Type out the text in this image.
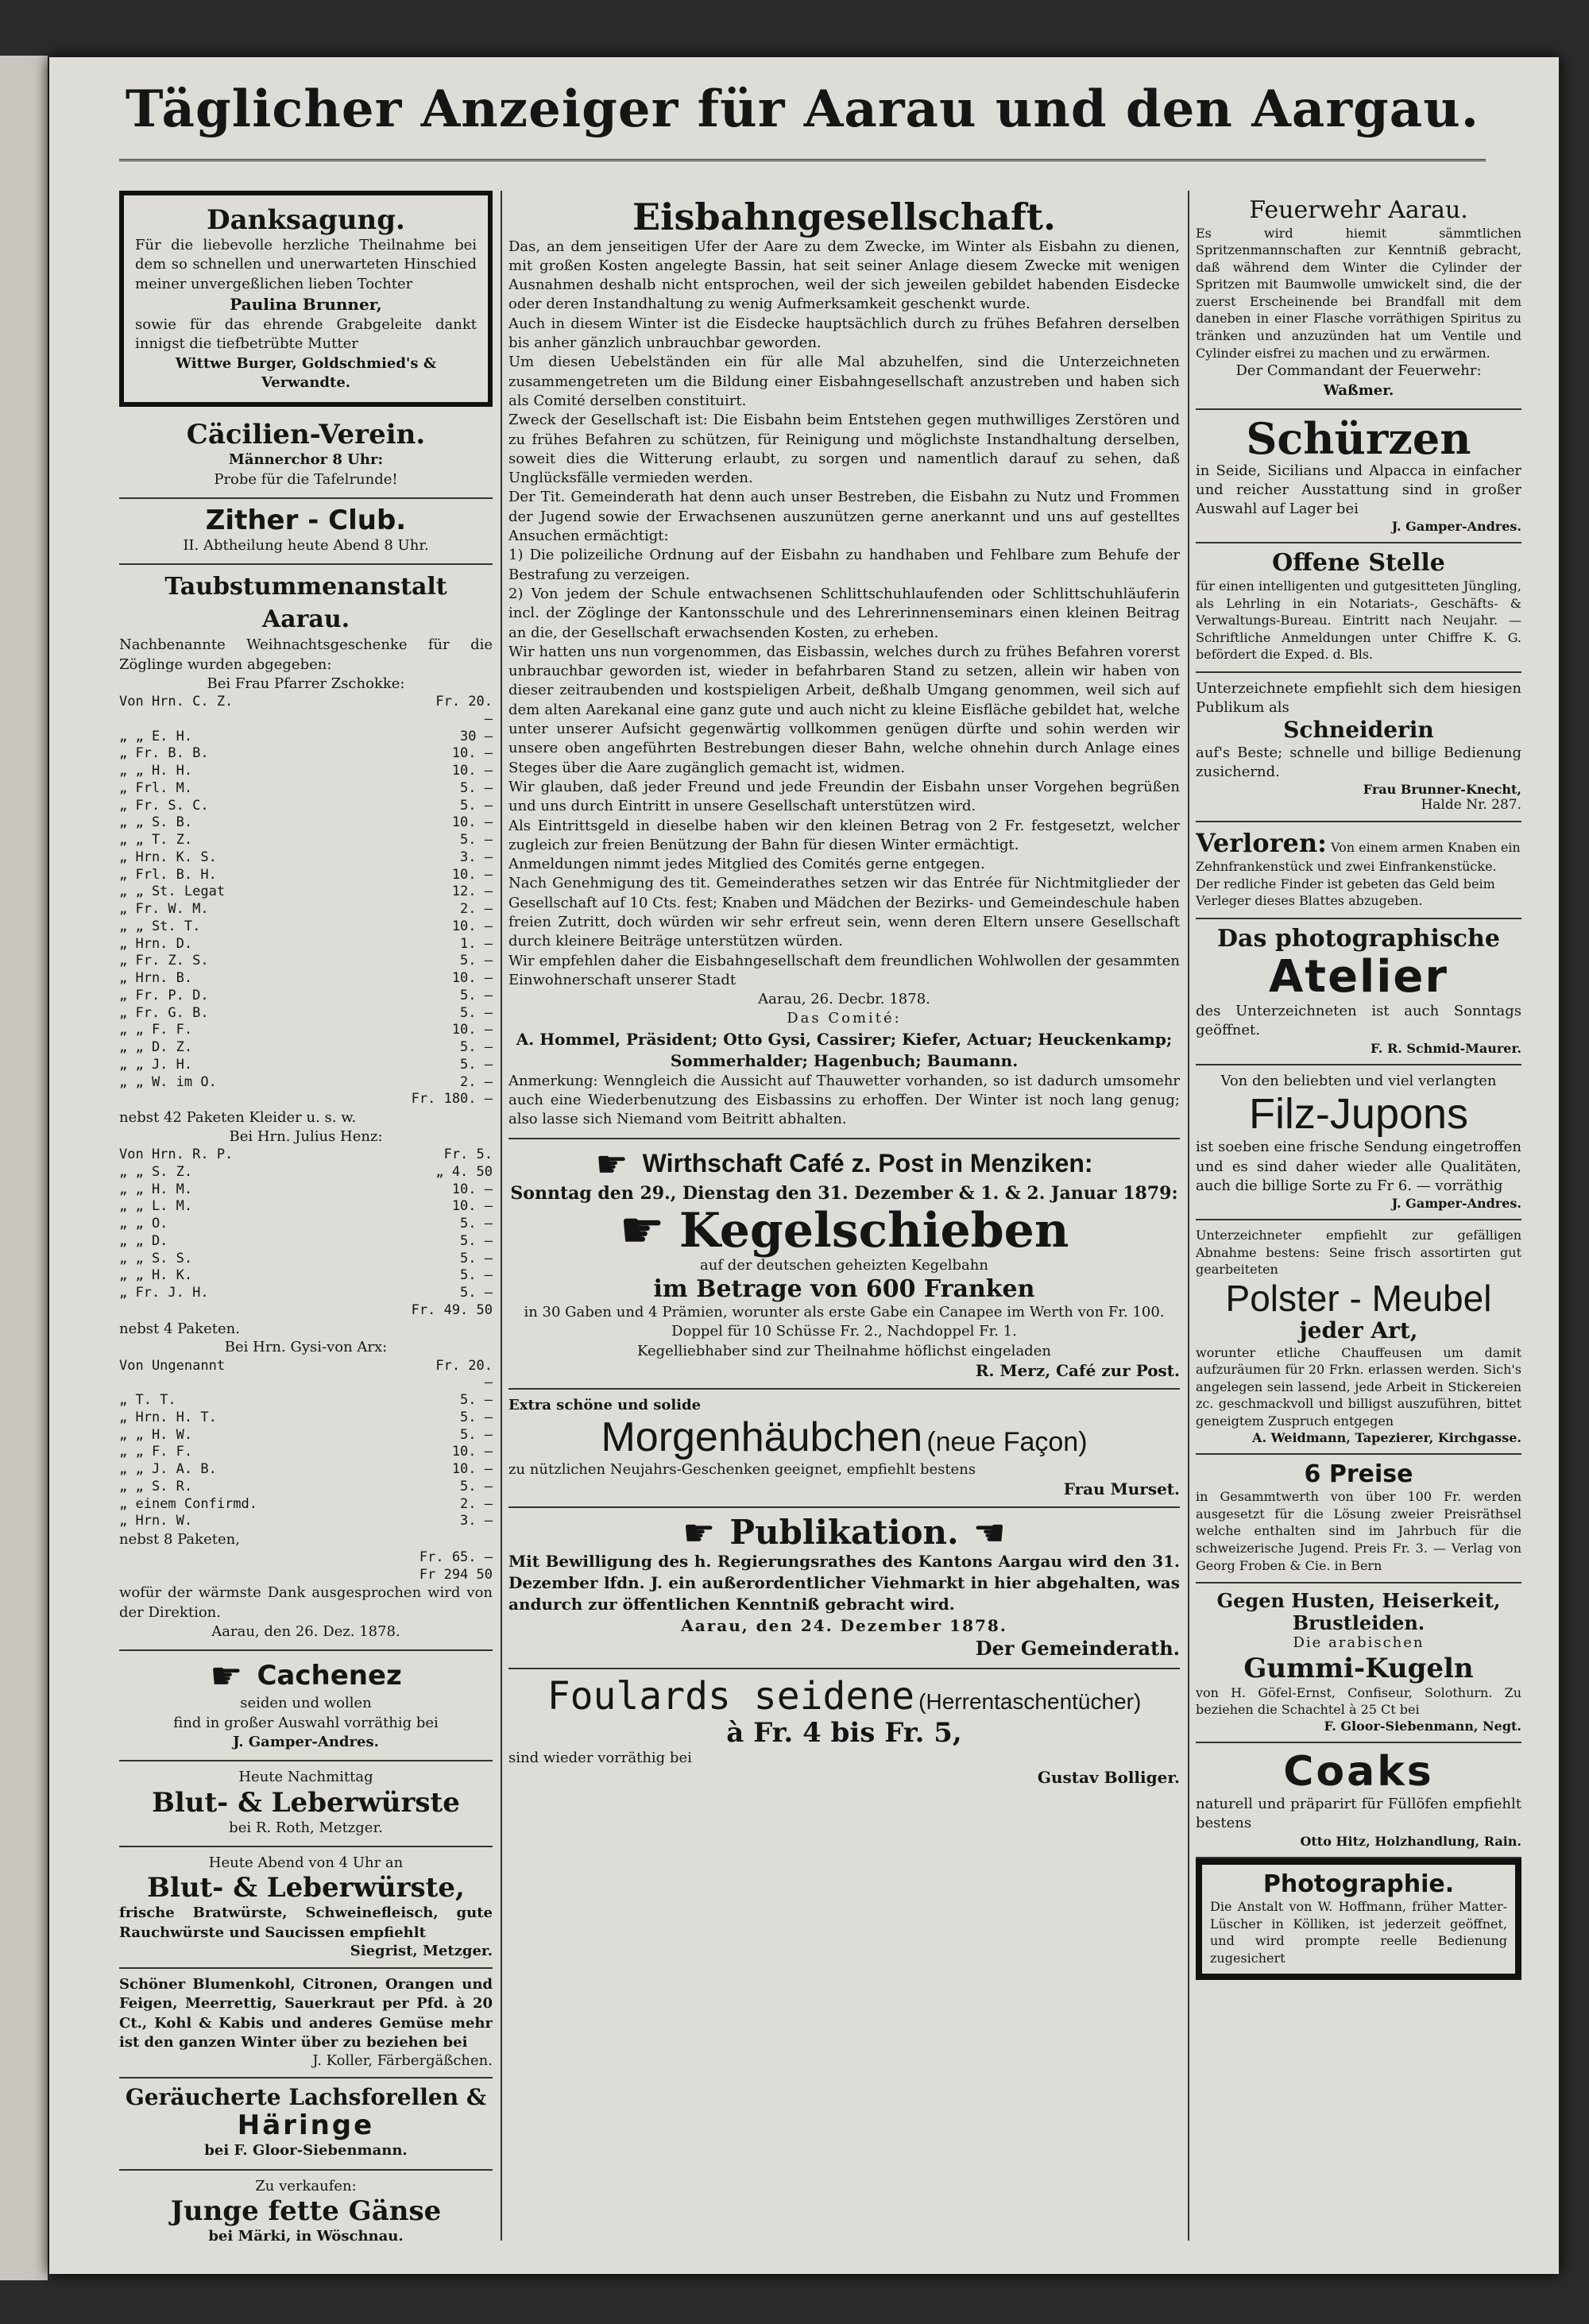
Täglicher Anzeiger für Aarau und den Aargau.
Danksagung.
Für die liebevolle herzliche Theilnahme bei dem so schnellen und unerwarteten Hinschied meiner unvergeßlichen lieben Tochter
Paulina Brunner,
sowie für das ehrende Grabgeleite dankt innigst die tiefbetrübte Mutter
Wittwe Burger, Goldschmied's & Verwandte.
Cäcilien-Verein.
Männerchor 8 Uhr:
Probe für die Tafelrunde!
Zither - Club.
II. Abtheilung heute Abend 8 Uhr.
Taubstummenanstalt Aarau.
Nachbenannte Weihnachtsgeschenke für die Zöglinge wurden abgegeben:
Bei Frau Pfarrer Zschokke:
Von Hrn. C. Z.	Fr. 20. —
„ „ E. H.	30 —
„ Fr. B. B.	10. —
„ „ H. H.	10. —
„ Frl. M.	5. —
„ Fr. S. C.	5. —
„ „ S. B.	10. —
„ „ T. Z.	5. —
„ Hrn. K. S.	3. —
„ Frl. B. H.	10. —
„ „ St. Legat	12. —
„ Fr. W. M.	2. —
„ „ St. T.	10. —
„ Hrn. D.	1. —
„ Fr. Z. S.	5. —
„ Hrn. B.	10. —
„ Fr. P. D.	5. —
„ Fr. G. B.	5. —
„ „ F. F.	10. —
„ „ D. Z.	5. —
„ „ J. H.	5. —
„ „ W. im O.	2. —
Fr. 180. —
nebst 42 Paketen Kleider u. s. w.
Bei Hrn. Julius Henz:
Von Hrn. R. P.	Fr. 5.
„ „ S. Z.	„ 4. 50
„ „ H. M.	10. —
„ „ L. M.	10. —
„ „ O.	5. —
„ „ D.	5. —
„ „ S. S.	5. —
„ „ H. K.	5. —
„ Fr. J. H.	5. —
Fr. 49. 50
nebst 4 Paketen.
Bei Hrn. Gysi-von Arx:
Von Ungenannt	Fr. 20. —
„ T. T.	5. —
„ Hrn. H. T.	5. —
„ „ H. W.	5. —
„ „ F. F.	10. —
„ „ J. A. B.	10. —
„ „ S. R.	5. —
„ einem Confirmd.	2. —
„ Hrn. W.	3. —
nebst 8 Paketen,
Fr. 65. —
Fr 294 50
wofür der wärmste Dank ausgesprochen wird von der Direktion.
Aarau, den 26. Dez. 1878.
☛ Cachenez
seiden und wollen
find in großer Auswahl vorräthig bei
J. Gamper-Andres.
Heute Nachmittag
Blut- & Leberwürste
bei R. Roth, Metzger.
Heute Abend von 4 Uhr an
Blut- & Leberwürste,
frische Bratwürste, Schweinefleisch, gute Rauchwürste und Saucissen empfiehlt
Siegrist, Metzger.
Schöner Blumenkohl, Citronen, Orangen und Feigen, Meerrettig, Sauerkraut per Pfd. à 20 Ct., Kohl & Kabis und anderes Gemüse mehr ist den ganzen Winter über zu beziehen bei
J. Koller, Färbergäßchen.
Geräucherte Lachsforellen &
Häringe
bei F. Gloor-Siebenmann.
Zu verkaufen:
Junge fette Gänse
bei Märki, in Wöschnau.
Eisbahngesellschaft.
Das, an dem jenseitigen Ufer der Aare zu dem Zwecke, im Winter als Eisbahn zu dienen, mit großen Kosten angelegte Bassin, hat seit seiner Anlage diesem Zwecke mit wenigen Ausnahmen deshalb nicht entsprochen, weil der sich jeweilen gebildet habenden Eisdecke oder deren Instandhaltung zu wenig Aufmerksamkeit geschenkt wurde.
Auch in diesem Winter ist die Eisdecke hauptsächlich durch zu frühes Befahren derselben bis anher gänzlich unbrauchbar geworden.
Um diesen Uebelständen ein für alle Mal abzuhelfen, sind die Unterzeichneten zusammengetreten um die Bildung einer Eisbahngesellschaft anzustreben und haben sich als Comité derselben constituirt.
Zweck der Gesellschaft ist: Die Eisbahn beim Entstehen gegen muthwilliges Zerstören und zu frühes Befahren zu schützen, für Reinigung und möglichste Instandhaltung derselben, soweit dies die Witterung erlaubt, zu sorgen und namentlich darauf zu sehen, daß Unglücksfälle vermieden werden.
Der Tit. Gemeinderath hat denn auch unser Bestreben, die Eisbahn zu Nutz und Frommen der Jugend sowie der Erwachsenen auszunützen gerne anerkannt und uns auf gestelltes Ansuchen ermächtigt:
1) Die polizeiliche Ordnung auf der Eisbahn zu handhaben und Fehlbare zum Behufe der Bestrafung zu verzeigen.
2) Von jedem der Schule entwachsenen Schlittschuhlaufenden oder Schlittschuhläuferin incl. der Zöglinge der Kantonsschule und des Lehrerinnenseminars einen kleinen Beitrag an die, der Gesellschaft erwachsenden Kosten, zu erheben.
Wir hatten uns nun vorgenommen, das Eisbassin, welches durch zu frühes Befahren vorerst unbrauchbar geworden ist, wieder in befahrbaren Stand zu setzen, allein wir haben von dieser zeitraubenden und kostspieligen Arbeit, deßhalb Umgang genommen, weil sich auf dem alten Aarekanal eine ganz gute und auch nicht zu kleine Eisfläche gebildet hat, welche unter unserer Aufsicht gegenwärtig vollkommen genügen dürfte und sohin werden wir unsere oben angeführten Bestrebungen dieser Bahn, welche ohnehin durch Anlage eines Steges über die Aare zugänglich gemacht ist, widmen.
Wir glauben, daß jeder Freund und jede Freundin der Eisbahn unser Vorgehen begrüßen und uns durch Eintritt in unsere Gesellschaft unterstützen wird.
Als Eintrittsgeld in dieselbe haben wir den kleinen Betrag von 2 Fr. festgesetzt, welcher zugleich zur freien Benützung der Bahn für diesen Winter ermächtigt.
Anmeldungen nimmt jedes Mitglied des Comités gerne entgegen.
Nach Genehmigung des tit. Gemeinderathes setzen wir das Entrée für Nichtmitglieder der Gesellschaft auf 10 Cts. fest; Knaben und Mädchen der Bezirks- und Gemeindeschule haben freien Zutritt, doch würden wir sehr erfreut sein, wenn deren Eltern unsere Gesellschaft durch kleinere Beiträge unterstützen würden.
Wir empfehlen daher die Eisbahngesellschaft dem freundlichen Wohlwollen der gesammten Einwohnerschaft unserer Stadt
Aarau, 26. Decbr. 1878.
Das Comité:
A. Hommel, Präsident; Otto Gysi, Cassirer; Kiefer, Actuar; Heuckenkamp; Sommerhalder; Hagenbuch; Baumann.
Anmerkung: Wenngleich die Aussicht auf Thauwetter vorhanden, so ist dadurch umsomehr auch eine Wiederbenutzung des Eisbassins zu erhoffen. Der Winter ist noch lang genug; also lasse sich Niemand vom Beitritt abhalten.
☛ Wirthschaft Café z. Post in Menziken:
Sonntag den 29., Dienstag den 31. Dezember & 1. & 2. Januar 1879:
☛ Kegelschieben
auf der deutschen geheizten Kegelbahn
im Betrage von 600 Franken
in 30 Gaben und 4 Prämien, worunter als erste Gabe ein Canapee im Werth von Fr. 100.
Doppel für 10 Schüsse Fr. 2., Nachdoppel Fr. 1.
Kegelliebhaber sind zur Theilnahme höflichst eingeladen
R. Merz, Café zur Post.
Extra schöne und solide
Morgenhäubchen (neue Façon)
zu nützlichen Neujahrs-Geschenken geeignet, empfiehlt bestens
Frau Murset.
☛ Publikation. ☚
Mit Bewilligung des h. Regierungsrathes des Kantons Aargau wird den 31. Dezember lfdn. J. ein außerordentlicher Viehmarkt in hier abgehalten, was andurch zur öffentlichen Kenntniß gebracht wird.
Aarau, den 24. Dezember 1878.
Der Gemeinderath.
Foulards seidene (Herrentaschentücher)
à Fr. 4 bis Fr. 5,
sind wieder vorräthig bei
Gustav Bolliger.
Feuerwehr Aarau.
Es wird hiemit sämmtlichen Spritzenmannschaften zur Kenntniß gebracht, daß während dem Winter die Cylinder der Spritzen mit Baumwolle umwickelt sind, die der zuerst Erscheinende bei Brandfall mit dem daneben in einer Flasche vorräthigen Spiritus zu tränken und anzuzünden hat um Ventile und Cylinder eisfrei zu machen und zu erwärmen.
Der Commandant der Feuerwehr:
Waßmer.
Schürzen
in Seide, Sicilians und Alpacca in einfacher und reicher Ausstattung sind in großer Auswahl auf Lager bei
J. Gamper-Andres.
Offene Stelle
für einen intelligenten und gutgesitteten Jüngling, als Lehrling in ein Notariats-, Geschäfts- & Verwaltungs-Bureau. Eintritt nach Neujahr. — Schriftliche Anmeldungen unter Chiffre K. G. befördert die Exped. d. Bls.
Unterzeichnete empfiehlt sich dem hiesigen Publikum als
Schneiderin
auf's Beste; schnelle und billige Bedienung zusichernd.
Frau Brunner-Knecht,
Halde Nr. 287.
Verloren: Von einem armen Knaben ein Zehnfrankenstück und zwei Einfrankenstücke. Der redliche Finder ist gebeten das Geld beim Verleger dieses Blattes abzugeben.
Das photographische
Atelier
des Unterzeichneten ist auch Sonntags geöffnet.
F. R. Schmid-Maurer.
Von den beliebten und viel verlangten
Filz-Jupons
ist soeben eine frische Sendung eingetroffen und es sind daher wieder alle Qualitäten, auch die billige Sorte zu Fr 6. — vorräthig
J. Gamper-Andres.
Unterzeichneter empfiehlt zur gefälligen Abnahme bestens: Seine frisch assortirten gut gearbeiteten
Polster - Meubel
jeder Art,
worunter etliche Chauffeusen um damit aufzuräumen für 20 Frkn. erlassen werden. Sich's angelegen sein lassend, jede Arbeit in Stickereien zc. geschmackvoll und billigst auszuführen, bittet geneigtem Zuspruch entgegen
A. Weidmann, Tapezierer, Kirchgasse.
6 Preise
in Gesammtwerth von über 100 Fr. werden ausgesetzt für die Lösung zweier Preisräthsel welche enthalten sind im Jahrbuch für die schweizerische Jugend. Preis Fr. 3. — Verlag von Georg Froben & Cie. in Bern
Gegen Husten, Heiserkeit, Brustleiden.
Die arabischen
Gummi-Kugeln
von H. Göfel-Ernst, Confiseur, Solothurn. Zu beziehen die Schachtel à 25 Ct bei
F. Gloor-Siebenmann, Negt.
Coaks
naturell und präparirt für Füllöfen empfiehlt bestens
Otto Hitz, Holzhandlung, Rain.
Photographie.
Die Anstalt von W. Hoffmann, früher Matter-Lüscher in Kölliken, ist jederzeit geöffnet, und wird prompte reelle Bedienung zugesichert
